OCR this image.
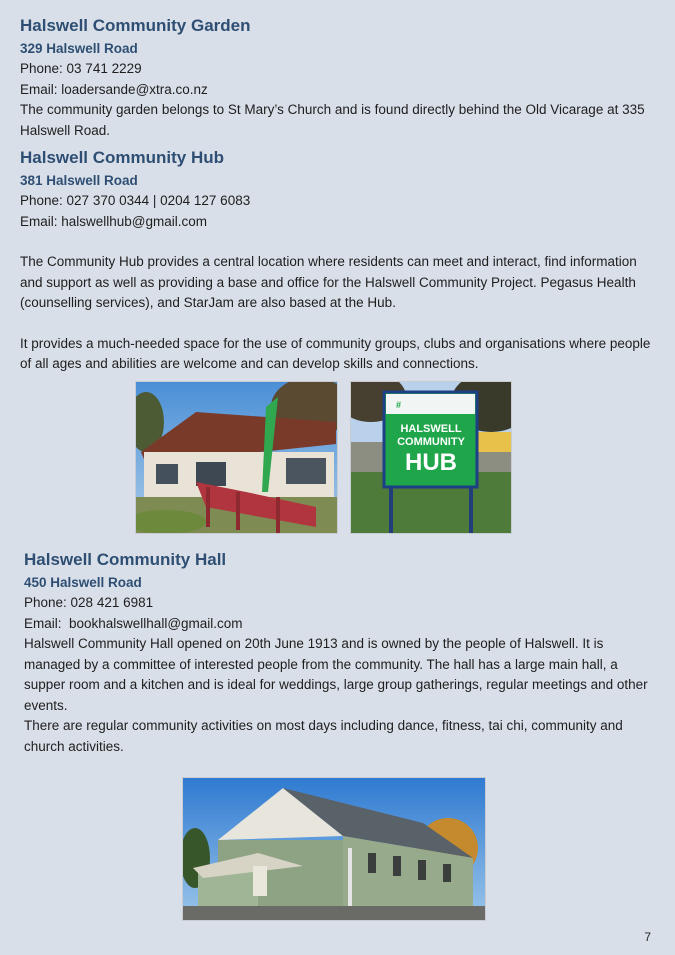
Halswell Community Garden
329 Halswell Road
Phone: 03 741 2229
Email: loadersande@xtra.co.nz

The community garden belongs to St Mary’s Church and is found directly behind the Old Vicarage at 335 Halswell Road.

Halswell Community Hub
381 Halswell Road
Phone: 027 370 0344 | 0204 127 6083
Email: halswellhub@gmail.com

The Community Hub provides a central location where residents can meet and interact, find information and support as well as providing a base and office for the Halswell Community Project. Pegasus Health (counselling services), and StarJam are also based at the Hub.

It provides a much-needed space for the use of community groups, clubs and organisations where people of all ages and abilities are welcome and can develop skills and connections.

#
HALSWELL
COMMUNITY
HUB
Halswell Community Hall
450 Halswell Road
Phone: 028 421 6981
Email:  bookhalswellhall@gmail.com

Halswell Community Hall opened on 20th June 1913 and is owned by the people of Halswell. It is managed by a committee of interested people from the community. The hall has a large main hall, a supper room and a kitchen and is ideal for weddings, large group gatherings, regular meetings and other events.

There are regular community activities on most days including dance, fitness, tai chi, community and church activities.

7
